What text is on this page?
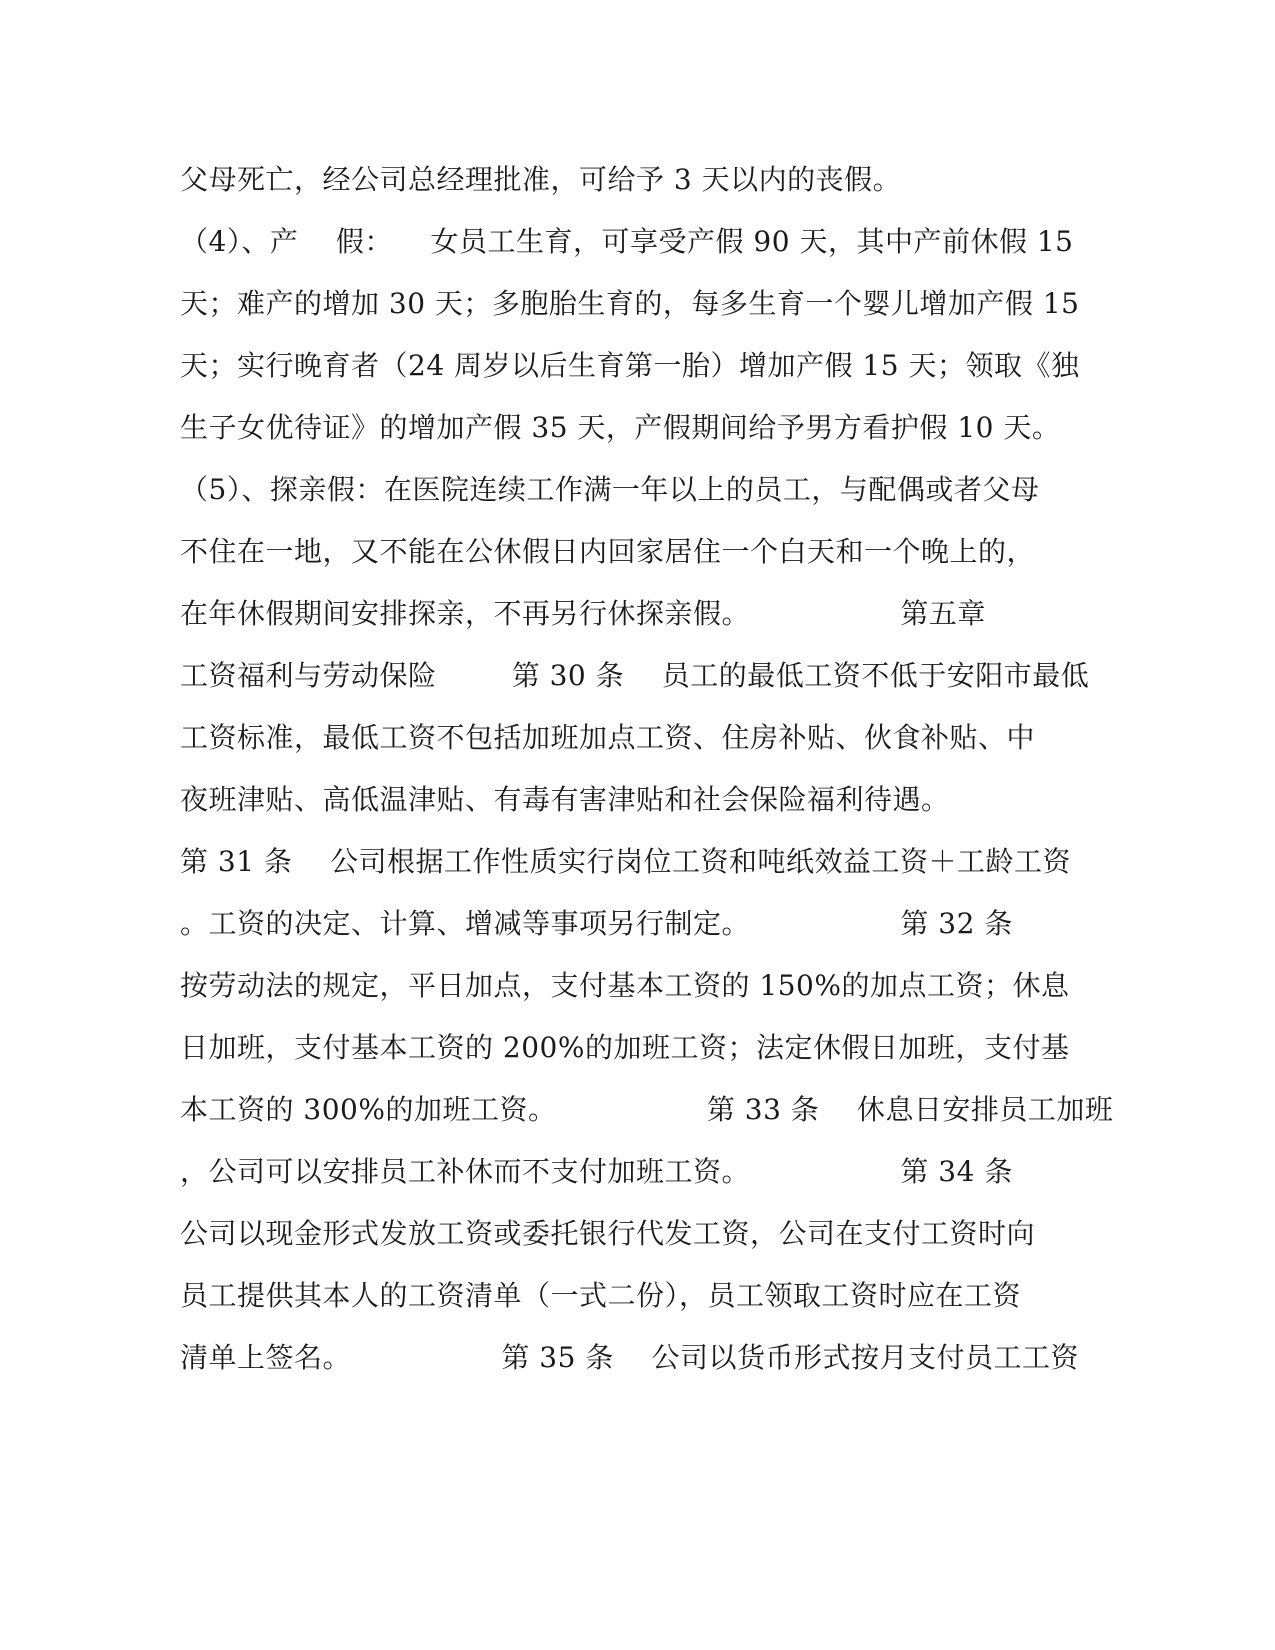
父母死亡，经公司总经理批准，可给予 3 天以内的丧假。
（4）、产    假：    女员工生育，可享受产假 90 天，其中产前休假 15
天；难产的增加 30 天；多胞胎生育的，每多生育一个婴儿增加产假 15
天；实行晚育者（24 周岁以后生育第一胎）增加产假 15 天；领取《独
生子女优待证》的增加产假 35 天，产假期间给予男方看护假 10 天。
（5）、探亲假：在医院连续工作满一年以上的员工，与配偶或者父母
不住在一地，又不能在公休假日内回家居住一个白天和一个晚上的，
在年休假期间安排探亲，不再另行休探亲假。                第五章
工资福利与劳动保险        第 30 条    员工的最低工资不低于安阳市最低
工资标准，最低工资不包括加班加点工资、住房补贴、伙食补贴、中
夜班津贴、高低温津贴、有毒有害津贴和社会保险福利待遇。
第 31 条    公司根据工作性质实行岗位工资和吨纸效益工资＋工龄工资
。工资的决定、计算、增减等事项另行制定。                第 32 条
按劳动法的规定，平日加点，支付基本工资的 150%的加点工资；休息
日加班，支付基本工资的 200%的加班工资；法定休假日加班，支付基
本工资的 300%的加班工资。                第 33 条    休息日安排员工加班
，公司可以安排员工补休而不支付加班工资。                第 34 条
公司以现金形式发放工资或委托银行代发工资，公司在支付工资时向
员工提供其本人的工资清单（一式二份），员工领取工资时应在工资
清单上签名。                第 35 条    公司以货币形式按月支付员工工资
